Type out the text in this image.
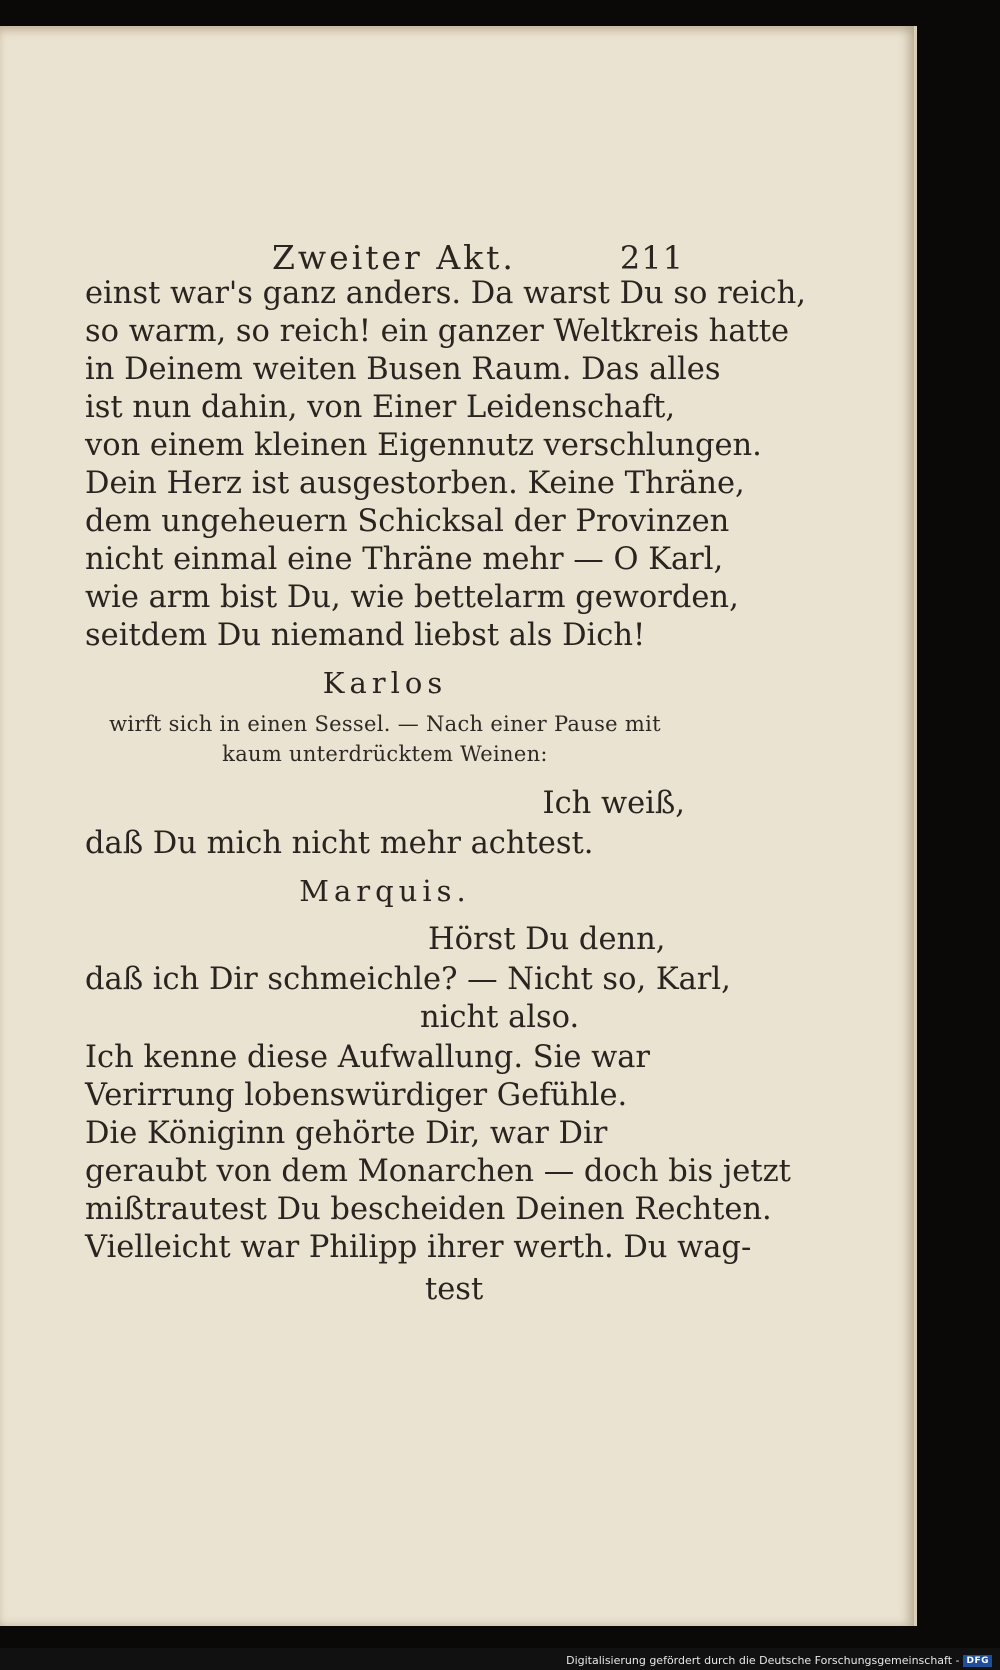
Zweiter Akt.	211
einst war's ganz anders. Da warst Du so reich,
so warm, so reich! ein ganzer Weltkreis hatte
in Deinem weiten Busen Raum. Das alles
ist nun dahin, von Einer Leidenschaft,
von einem kleinen Eigennutz verschlungen.
Dein Herz ist ausgestorben. Keine Thräne,
dem ungeheuern Schicksal der Provinzen
nicht einmal eine Thräne mehr — O Karl,
wie arm bist Du, wie bettelarm geworden,
seitdem Du niemand liebst als Dich!
Karlos
wirft sich in einen Sessel. — Nach einer Pause mit
kaum unterdrücktem Weinen:
Ich weiß,
daß Du mich nicht mehr achtest.
Marquis.
Hörst Du denn,
daß ich Dir schmeichle? — Nicht so, Karl,
nicht also.
Ich kenne diese Aufwallung. Sie war
Verirrung lobenswürdiger Gefühle.
Die Königinn gehörte Dir, war Dir
geraubt von dem Monarchen — doch bis jetzt
mißtrautest Du bescheiden Deinen Rechten.
Vielleicht war Philipp ihrer werth. Du wag-
test
Digitalisierung gefördert durch die Deutsche Forschungsgemeinschaft - DFG
